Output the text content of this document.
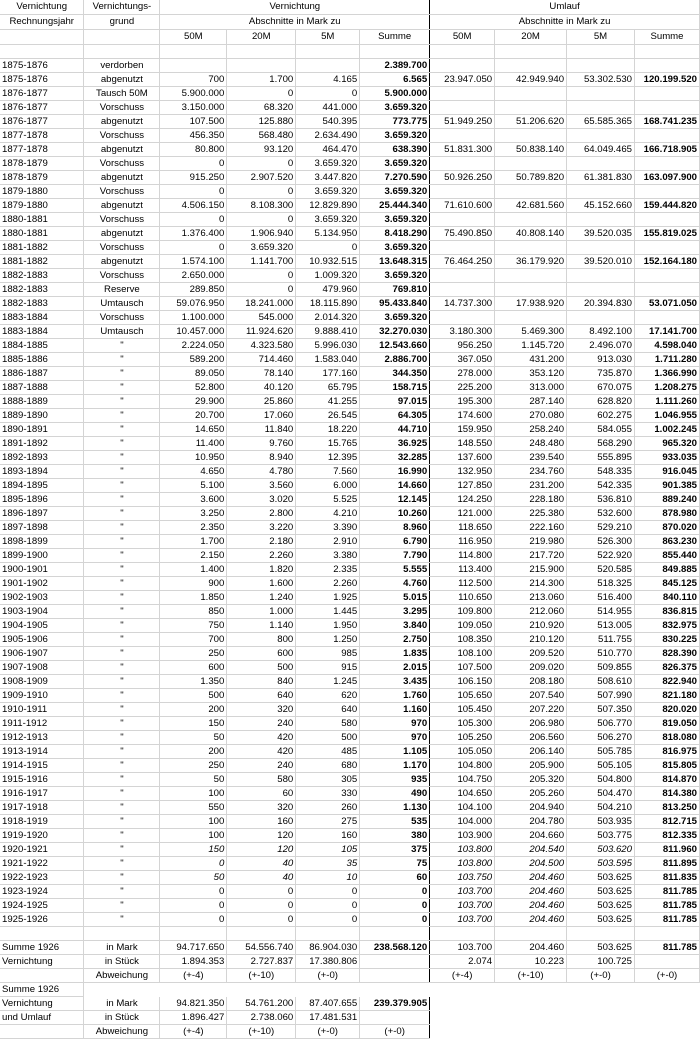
Vernichtung	Vernichtungs-	Vernichtung				Umlauf			
Rechnungsjahr	grund	Abschnitte in Mark zu				Abschnitte in Mark zu			
		50M	20M	5M	Summe	50M	20M	5M	Summe

1875-1876	verdorben				2.389.700				
1875-1876	abgenutzt	700	1.700	4.165	6.565	23.947.050	42.949.940	53.302.530	120.199.520
1876-1877	Tausch 50M	5.900.000	0	0	5.900.000				
1876-1877	Vorschuss	3.150.000	68.320	441.000	3.659.320				
1876-1877	abgenutzt	107.500	125.880	540.395	773.775	51.949.250	51.206.620	65.585.365	168.741.235
1877-1878	Vorschuss	456.350	568.480	2.634.490	3.659.320				
1877-1878	abgenutzt	80.800	93.120	464.470	638.390	51.831.300	50.838.140	64.049.465	166.718.905
1878-1879	Vorschuss	0	0	3.659.320	3.659.320				
1878-1879	abgenutzt	915.250	2.907.520	3.447.820	7.270.590	50.926.250	50.789.820	61.381.830	163.097.900
1879-1880	Vorschuss	0	0	3.659.320	3.659.320				
1879-1880	abgenutzt	4.506.150	8.108.300	12.829.890	25.444.340	71.610.600	42.681.560	45.152.660	159.444.820
1880-1881	Vorschuss	0	0	3.659.320	3.659.320				
1880-1881	abgenutzt	1.376.400	1.906.940	5.134.950	8.418.290	75.490.850	40.808.140	39.520.035	155.819.025
1881-1882	Vorschuss	0	3.659.320	0	3.659.320				
1881-1882	abgenutzt	1.574.100	1.141.700	10.932.515	13.648.315	76.464.250	36.179.920	39.520.010	152.164.180
1882-1883	Vorschuss	2.650.000	0	1.009.320	3.659.320				
1882-1883	Reserve	289.850	0	479.960	769.810				
1882-1883	Umtausch	59.076.950	18.241.000	18.115.890	95.433.840	14.737.300	17.938.920	20.394.830	53.071.050
1883-1884	Vorschuss	1.100.000	545.000	2.014.320	3.659.320				
1883-1884	Umtausch	10.457.000	11.924.620	9.888.410	32.270.030	3.180.300	5.469.300	8.492.100	17.141.700
1884-1885	"	2.224.050	4.323.580	5.996.030	12.543.660	956.250	1.145.720	2.496.070	4.598.040
1885-1886	"	589.200	714.460	1.583.040	2.886.700	367.050	431.200	913.030	1.711.280
1886-1887	"	89.050	78.140	177.160	344.350	278.000	353.120	735.870	1.366.990
1887-1888	"	52.800	40.120	65.795	158.715	225.200	313.000	670.075	1.208.275
1888-1889	"	29.900	25.860	41.255	97.015	195.300	287.140	628.820	1.111.260
1889-1890	"	20.700	17.060	26.545	64.305	174.600	270.080	602.275	1.046.955
1890-1891	"	14.650	11.840	18.220	44.710	159.950	258.240	584.055	1.002.245
1891-1892	"	11.400	9.760	15.765	36.925	148.550	248.480	568.290	965.320
1892-1893	"	10.950	8.940	12.395	32.285	137.600	239.540	555.895	933.035
1893-1894	"	4.650	4.780	7.560	16.990	132.950	234.760	548.335	916.045
1894-1895	"	5.100	3.560	6.000	14.660	127.850	231.200	542.335	901.385
1895-1896	"	3.600	3.020	5.525	12.145	124.250	228.180	536.810	889.240
1896-1897	"	3.250	2.800	4.210	10.260	121.000	225.380	532.600	878.980
1897-1898	"	2.350	3.220	3.390	8.960	118.650	222.160	529.210	870.020
1898-1899	"	1.700	2.180	2.910	6.790	116.950	219.980	526.300	863.230
1899-1900	"	2.150	2.260	3.380	7.790	114.800	217.720	522.920	855.440
1900-1901	"	1.400	1.820	2.335	5.555	113.400	215.900	520.585	849.885
1901-1902	"	900	1.600	2.260	4.760	112.500	214.300	518.325	845.125
1902-1903	"	1.850	1.240	1.925	5.015	110.650	213.060	516.400	840.110
1903-1904	"	850	1.000	1.445	3.295	109.800	212.060	514.955	836.815
1904-1905	"	750	1.140	1.950	3.840	109.050	210.920	513.005	832.975
1905-1906	"	700	800	1.250	2.750	108.350	210.120	511.755	830.225
1906-1907	"	250	600	985	1.835	108.100	209.520	510.770	828.390
1907-1908	"	600	500	915	2.015	107.500	209.020	509.855	826.375
1908-1909	"	1.350	840	1.245	3.435	106.150	208.180	508.610	822.940
1909-1910	"	500	640	620	1.760	105.650	207.540	507.990	821.180
1910-1911	"	200	320	640	1.160	105.450	207.220	507.350	820.020
1911-1912	"	150	240	580	970	105.300	206.980	506.770	819.050
1912-1913	"	50	420	500	970	105.250	206.560	506.270	818.080
1913-1914	"	200	420	485	1.105	105.050	206.140	505.785	816.975
1914-1915	"	250	240	680	1.170	104.800	205.900	505.105	815.805
1915-1916	"	50	580	305	935	104.750	205.320	504.800	814.870
1916-1917	"	100	60	330	490	104.650	205.260	504.470	814.380
1917-1918	"	550	320	260	1.130	104.100	204.940	504.210	813.250
1918-1919	"	100	160	275	535	104.000	204.780	503.935	812.715
1919-1920	"	100	120	160	380	103.900	204.660	503.775	812.335
1920-1921	"	150	120	105	375	103.800	204.540	503.620	811.960
1921-1922	"	0	40	35	75	103.800	204.500	503.595	811.895
1922-1923	"	50	40	10	60	103.750	204.460	503.625	811.835
1923-1924	"	0	0	0	0	103.700	204.460	503.625	811.785
1924-1925	"	0	0	0	0	103.700	204.460	503.625	811.785
1925-1926	"	0	0	0	0	103.700	204.460	503.625	811.785

Summe 1926	in Mark	94.717.650	54.556.740	86.904.030	238.568.120	103.700	204.460	503.625	811.785
Vernichtung	in Stück	1.894.353	2.727.837	17.380.806		2.074	10.223	100.725	
	Abweichung	(+-4)	(+-10)	(+-0)		(+-4)	(+-10)	(+-0)	(+-0)
Summe 1926									
Vernichtung	in Mark	94.821.350	54.761.200	87.407.655	239.379.905				
und Umlauf	in Stück	1.896.427	2.738.060	17.481.531					
	Abweichung	(+-4)	(+-10)	(+-0)	(+-0)				
